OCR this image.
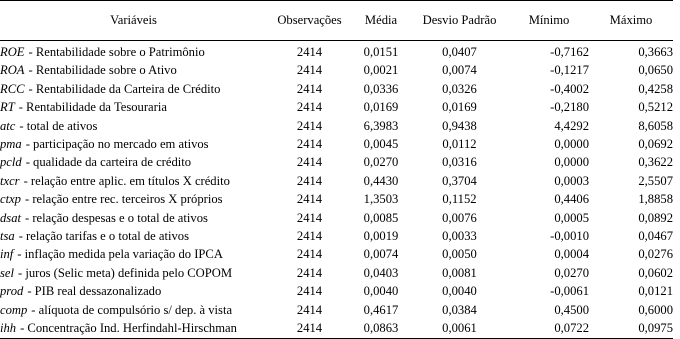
Variáveis	Observações	Média	Desvio Padrão	Mínimo	Máximo
ROE - Rentabilidade sobre o Patrimônio	2414	0,0151	0,0407	-0,7162	0,3663
ROA - Rentabilidade sobre o Ativo	2414	0,0021	0,0074	-0,1217	0,0650
RCC - Rentabilidade da Carteira de Crédito	2414	0,0336	0,0326	-0,4002	0,4258
RT - Rentabilidade da Tesouraria	2414	0,0169	0,0169	-0,2180	0,5212
atc - total de ativos	2414	6,3983	0,9438	4,4292	8,6058
pma - participação no mercado em ativos	2414	0,0045	0,0112	0,0000	0,0692
pcld - qualidade da carteira de crédito	2414	0,0270	0,0316	0,0000	0,3622
txcr - relação entre aplic. em títulos X crédito	2414	0,4430	0,3704	0,0003	2,5507
ctxp - relação entre rec. terceiros X próprios	2414	1,3503	0,1152	0,4406	1,8858
dsat - relação despesas e o total de ativos	2414	0,0085	0,0076	0,0005	0,0892
tsa - relação tarifas e o total de ativos	2414	0,0019	0,0033	-0,0010	0,0467
inf - inflação medida pela variação do IPCA	2414	0,0074	0,0050	0,0004	0,0276
sel - juros (Selic meta) definida pelo COPOM	2414	0,0403	0,0081	0,0270	0,0602
prod - PIB real dessazonalizado	2414	0,0040	0,0040	-0,0061	0,0121
comp - alíquota de compulsório s/ dep. à vista	2414	0,4617	0,0384	0,4500	0,6000
ihh - Concentração Ind. Herfindahl-Hirschman	2414	0,0863	0,0061	0,0722	0,0975
